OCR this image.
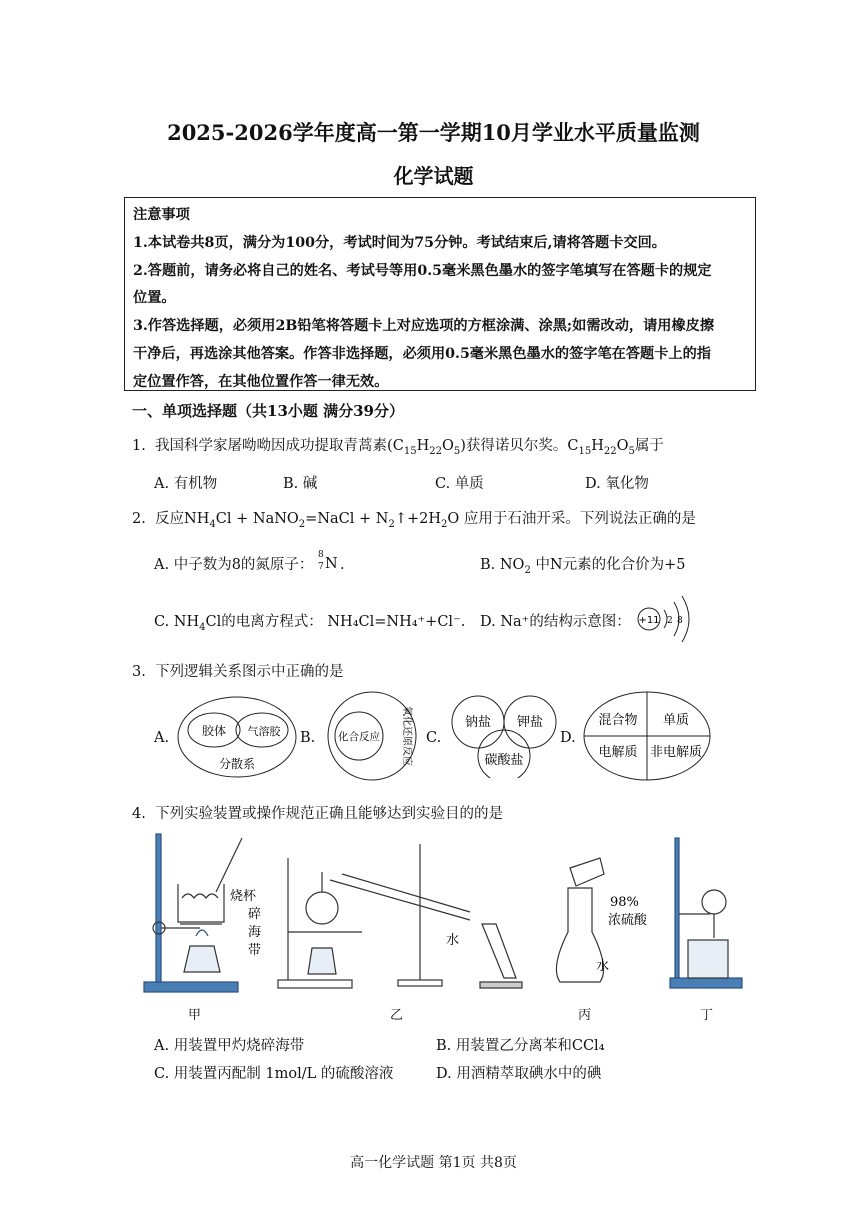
2025-2026学年度高一第一学期10月学业水平质量监测
化学试题
注意事项
1.本试卷共8页，满分为100分，考试时间为75分钟。考试结束后,请将答题卡交回。
2.答题前，请务必将自己的姓名、考试号等用0.5毫米黑色墨水的签字笔填写在答题卡的规定
位置。
3.作答选择题，必须用2B铅笔将答题卡上对应选项的方框涂满、涂黑;如需改动，请用橡皮擦
干净后，再选涂其他答案。作答非选择题，必须用0.5毫米黑色墨水的签字笔在答题卡上的指
定位置作答，在其他位置作答一律无效。
一、单项选择题（共13小题 满分39分）
1. 我国科学家屠呦呦因成功提取青蒿素$(C_{15}H_{22}O_5)$获得诺贝尔奖。$C_{15}H_{22}O_5$属于
A. 有机物	B. 碱	C. 单质	D. 氧化物
2. 反应$NH_4Cl$ + NaNO$_2$=NaCl + $N_2↑+2H_2O$ 应用于石油开采。下列说法正确的是
A. 中子数为8的氮原子：
8
7 N .	B. $NO_2$ 中N元素的化合价为+5
C. $NH_4Cl$的电离方程式： NH₄Cl=NH₄⁺+Cl⁻. D. Na⁺的结构示意图： +11 2 8
3. 下列逻辑关系图示中正确的是
A.	胶体 气溶胶
分散系
B. 化合反应 氧化还原反应 C.
钠盐 钾盐
碳酸盐
D.
混合物 单质
电解质 非电解质
4. 下列实验装置或操作规范正确且能够达到实验目的的是
烧杯
碎
海
带
水
98%
浓硫酸
水
甲	乙	丙	丁
A. 用装置甲灼烧碎海带	B. 用装置乙分离苯和CCl₄
C. 用装置丙配制 1mol/L 的硫酸溶液	D. 用酒精萃取碘水中的碘
高一化学试题 第1页 共8页
